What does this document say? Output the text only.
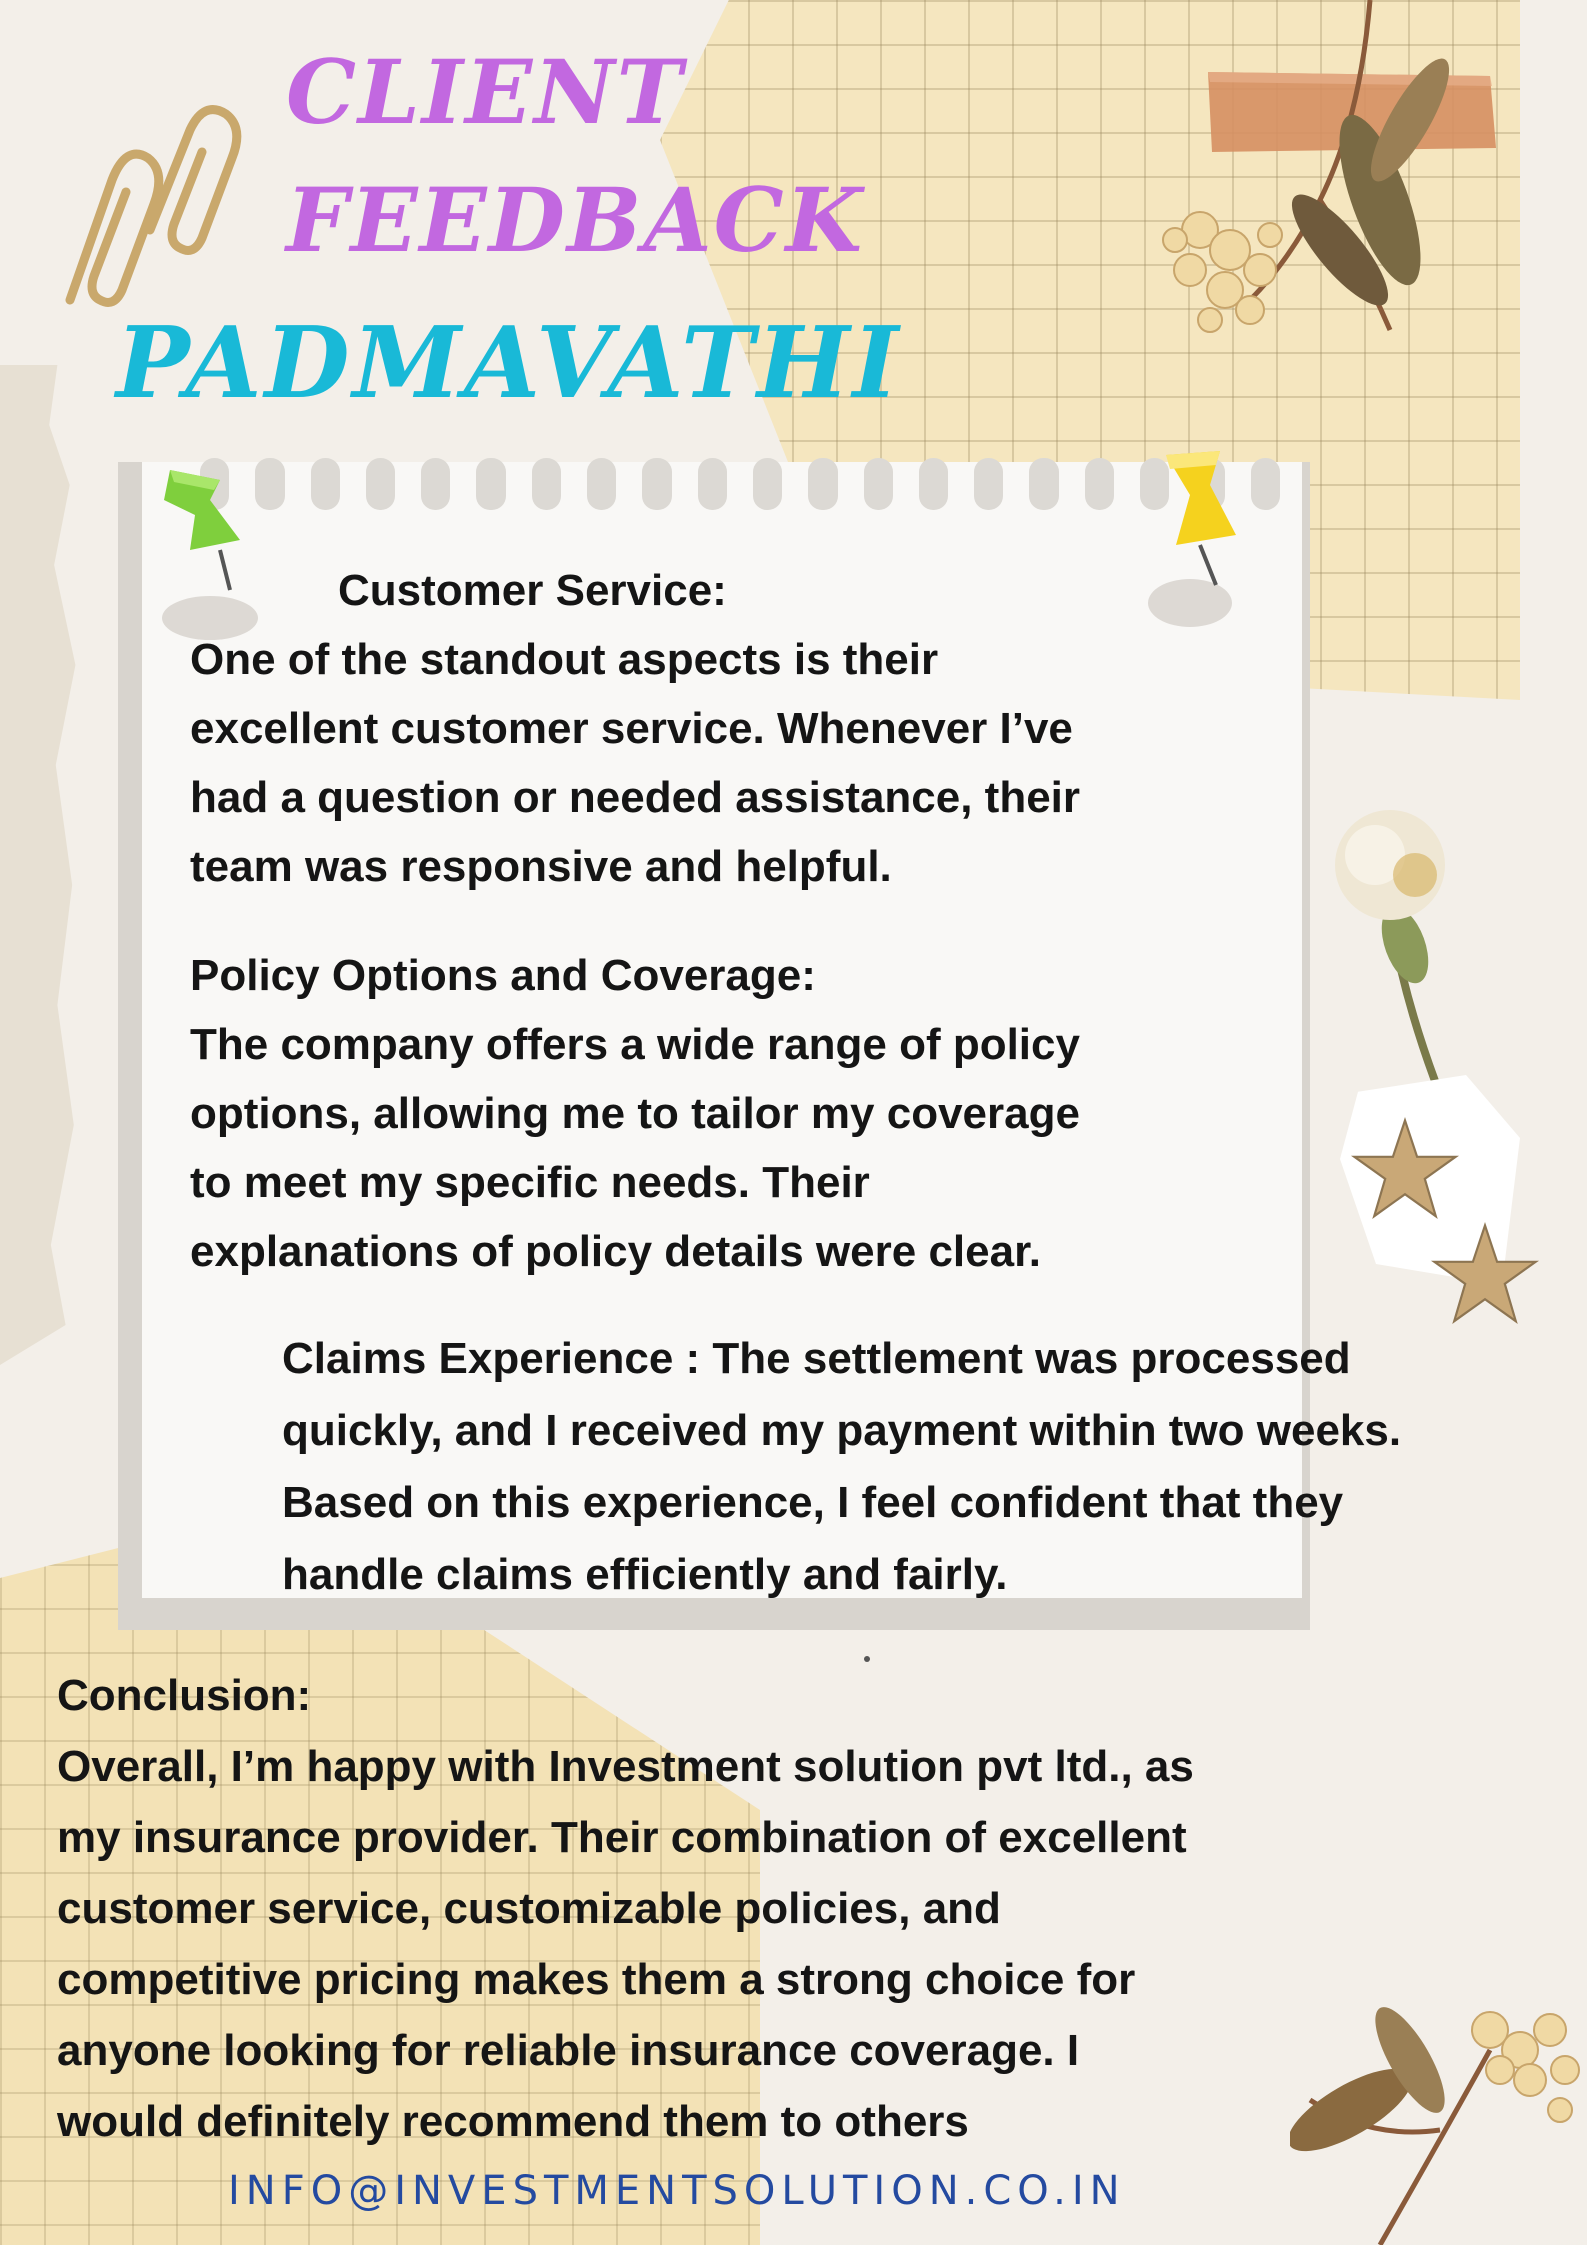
CLIENT
FEEDBACK
PADMAVATHI
Customer Service:
One of the standout aspects is their
excellent customer service. Whenever I’ve
had a question or needed assistance, their
team was responsive and helpful.
Policy Options and Coverage:
The company offers a wide range of policy
options, allowing me to tailor my coverage
to meet my specific needs. Their
explanations of policy details were clear.
Claims Experience : The settlement was processed
quickly, and I received my payment within two weeks.
Based on this experience, I feel confident that they
handle claims efficiently and fairly.
Conclusion:
Overall, I’m happy with Investment solution pvt ltd., as
my insurance provider. Their combination of excellent
customer service, customizable policies, and
competitive pricing makes them a strong choice for
anyone looking for reliable insurance coverage. I
would definitely recommend them to others
INFO@INVESTMENTSOLUTION.CO.IN
